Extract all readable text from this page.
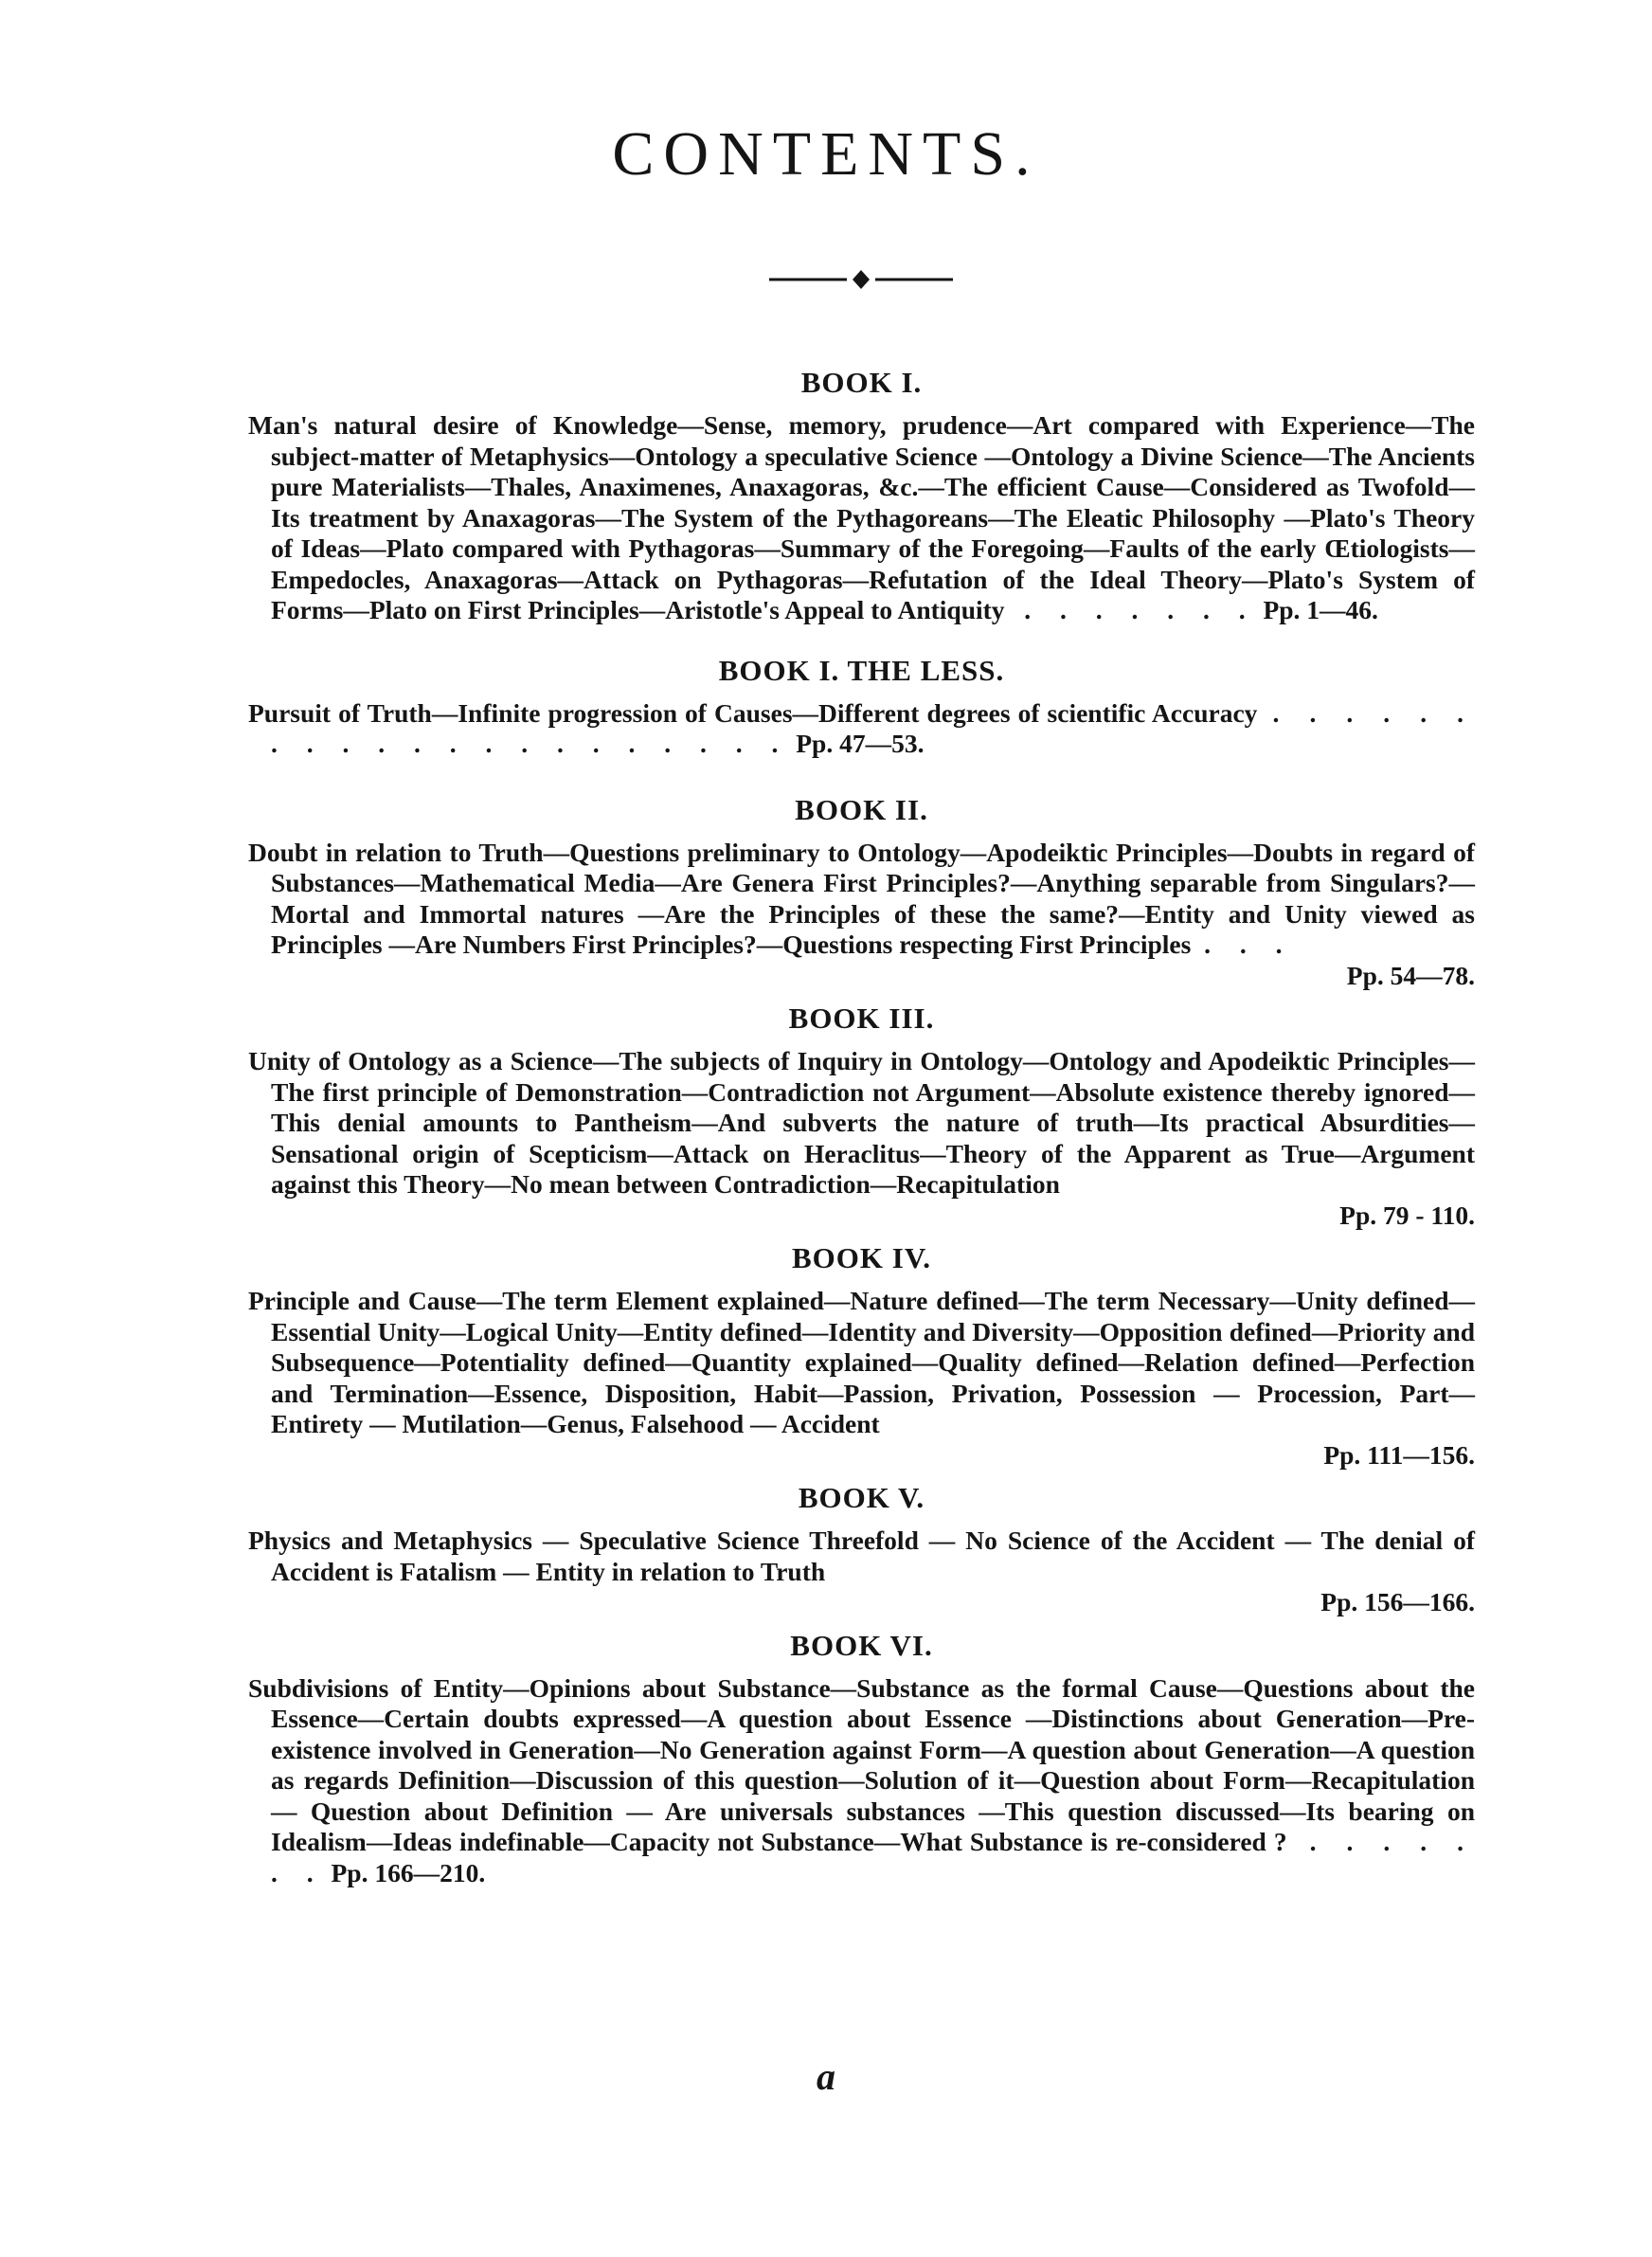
CONTENTS.
BOOK I.

Man's natural desire of Knowledge—Sense, memory, prudence—Art compared with Experience—The subject-matter of Metaphysics—Ontology a speculative Science —Ontology a Divine Science—The Ancients pure Materialists—Thales, Anaximenes, Anaxagoras, &c.—The efficient Cause—Considered as Twofold—Its treatment by Anaxagoras—The System of the Pythagoreans—The Eleatic Philosophy —Plato's Theory of Ideas—Plato compared with Pythagoras—Summary of the Foregoing—Faults of the early Œtiologists—Empedocles, Anaxagoras—Attack on Pythagoras—Refutation of the Ideal Theory—Plato's System of Forms—Plato on First Principles—Aristotle's Appeal to Antiquity . . . . . . . Pp. 1—46.

BOOK I. THE LESS.

Pursuit of Truth—Infinite progression of Causes—Different degrees of scientific Accuracy . . . . . . . . . . . . . . . . . . . . . Pp. 47—53.

BOOK II.

Doubt in relation to Truth—Questions preliminary to Ontology—Apodeiktic Principles—Doubts in regard of Substances—Mathematical Media—Are Genera First Principles?—Anything separable from Singulars?—Mortal and Immortal natures —Are the Principles of these the same?—Entity and Unity viewed as Principles —Are Numbers First Principles?—Questions respecting First Principles . . .

Pp. 54—78.

BOOK III.

Unity of Ontology as a Science—The subjects of Inquiry in Ontology—Ontology and Apodeiktic Principles—The first principle of Demonstration—Contradiction not Argument—Absolute existence thereby ignored—This denial amounts to Pantheism—And subverts the nature of truth—Its practical Absurdities—Sensational origin of Scepticism—Attack on Heraclitus—Theory of the Apparent as True—Argument against this Theory—No mean between Contradiction—Recapitulation

Pp. 79 - 110.

BOOK IV.

Principle and Cause—The term Element explained—Nature defined—The term Necessary—Unity defined—Essential Unity—Logical Unity—Entity defined—Identity and Diversity—Opposition defined—Priority and Subsequence—Potentiality defined—Quantity explained—Quality defined—Relation defined—Perfection and Termination—Essence, Disposition, Habit—Passion, Privation, Possession — Procession, Part—Entirety — Mutilation—Genus, Falsehood — Accident

Pp. 111—156.

BOOK V.

Physics and Metaphysics — Speculative Science Threefold — No Science of the Accident — The denial of Accident is Fatalism — Entity in relation to Truth

Pp. 156—166.

BOOK VI.

Subdivisions of Entity—Opinions about Substance—Substance as the formal Cause—Questions about the Essence—Certain doubts expressed—A question about Essence —Distinctions about Generation—Pre-existence involved in Generation—No Generation against Form—A question about Generation—A question as regards Definition—Discussion of this question—Solution of it—Question about Form—Recapitulation — Question about Definition — Are universals substances —This question discussed—Its bearing on Idealism—Ideas indefinable—Capacity not Substance—What Substance is re-considered ? . . . . . . . Pp. 166—210.

a
